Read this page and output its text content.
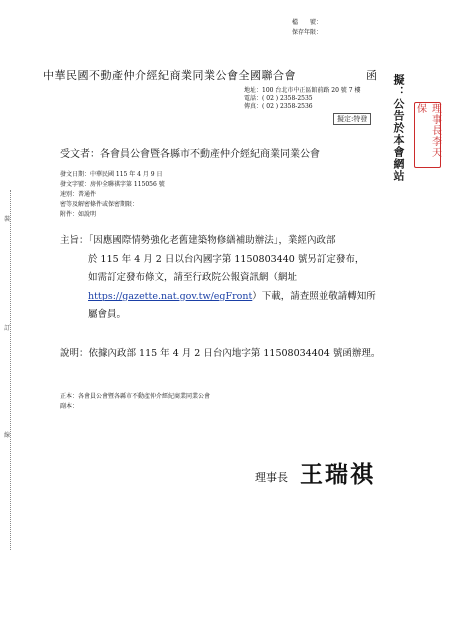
檔　　號：
保存年限：
中華民國不動產仲介經紀商業同業公會全國聯合會	函 擬：公告於本會網站	理事長李天保
地址：100 台北市中正區館前路 20 號 7 樓
電話：( 02 ) 2358-2535
傳真：( 02 ) 2358-2536
擬定:特發
受文者：各會員公會暨各縣市不動產仲介經紀商業同業公會
發文日期：中華民國 115 年 4 月 9 日
發文字號：房仲全聯祺字第 115056 號
速別：普通件
密等及解密條件或保密期限：
附件：如說明
裝
訂
線
主旨：「因應國際情勢強化老舊建築物修繕補助辦法」，業經內政部
於 115 年 4 月 2 日以台內國字第 1150803440 號另訂定發布，
如需訂定發布條文，請至行政院公報資訊網（網址
https://gazette.nat.gov.tw/egFront）下載，請查照並敬請轉知所
屬會員。
說明：依據內政部 115 年 4 月 2 日台內地字第 11508034404 號函辦理。
正本：各會員公會暨各縣市不動產仲介經紀商業同業公會
副本：
理事長 王瑞祺
